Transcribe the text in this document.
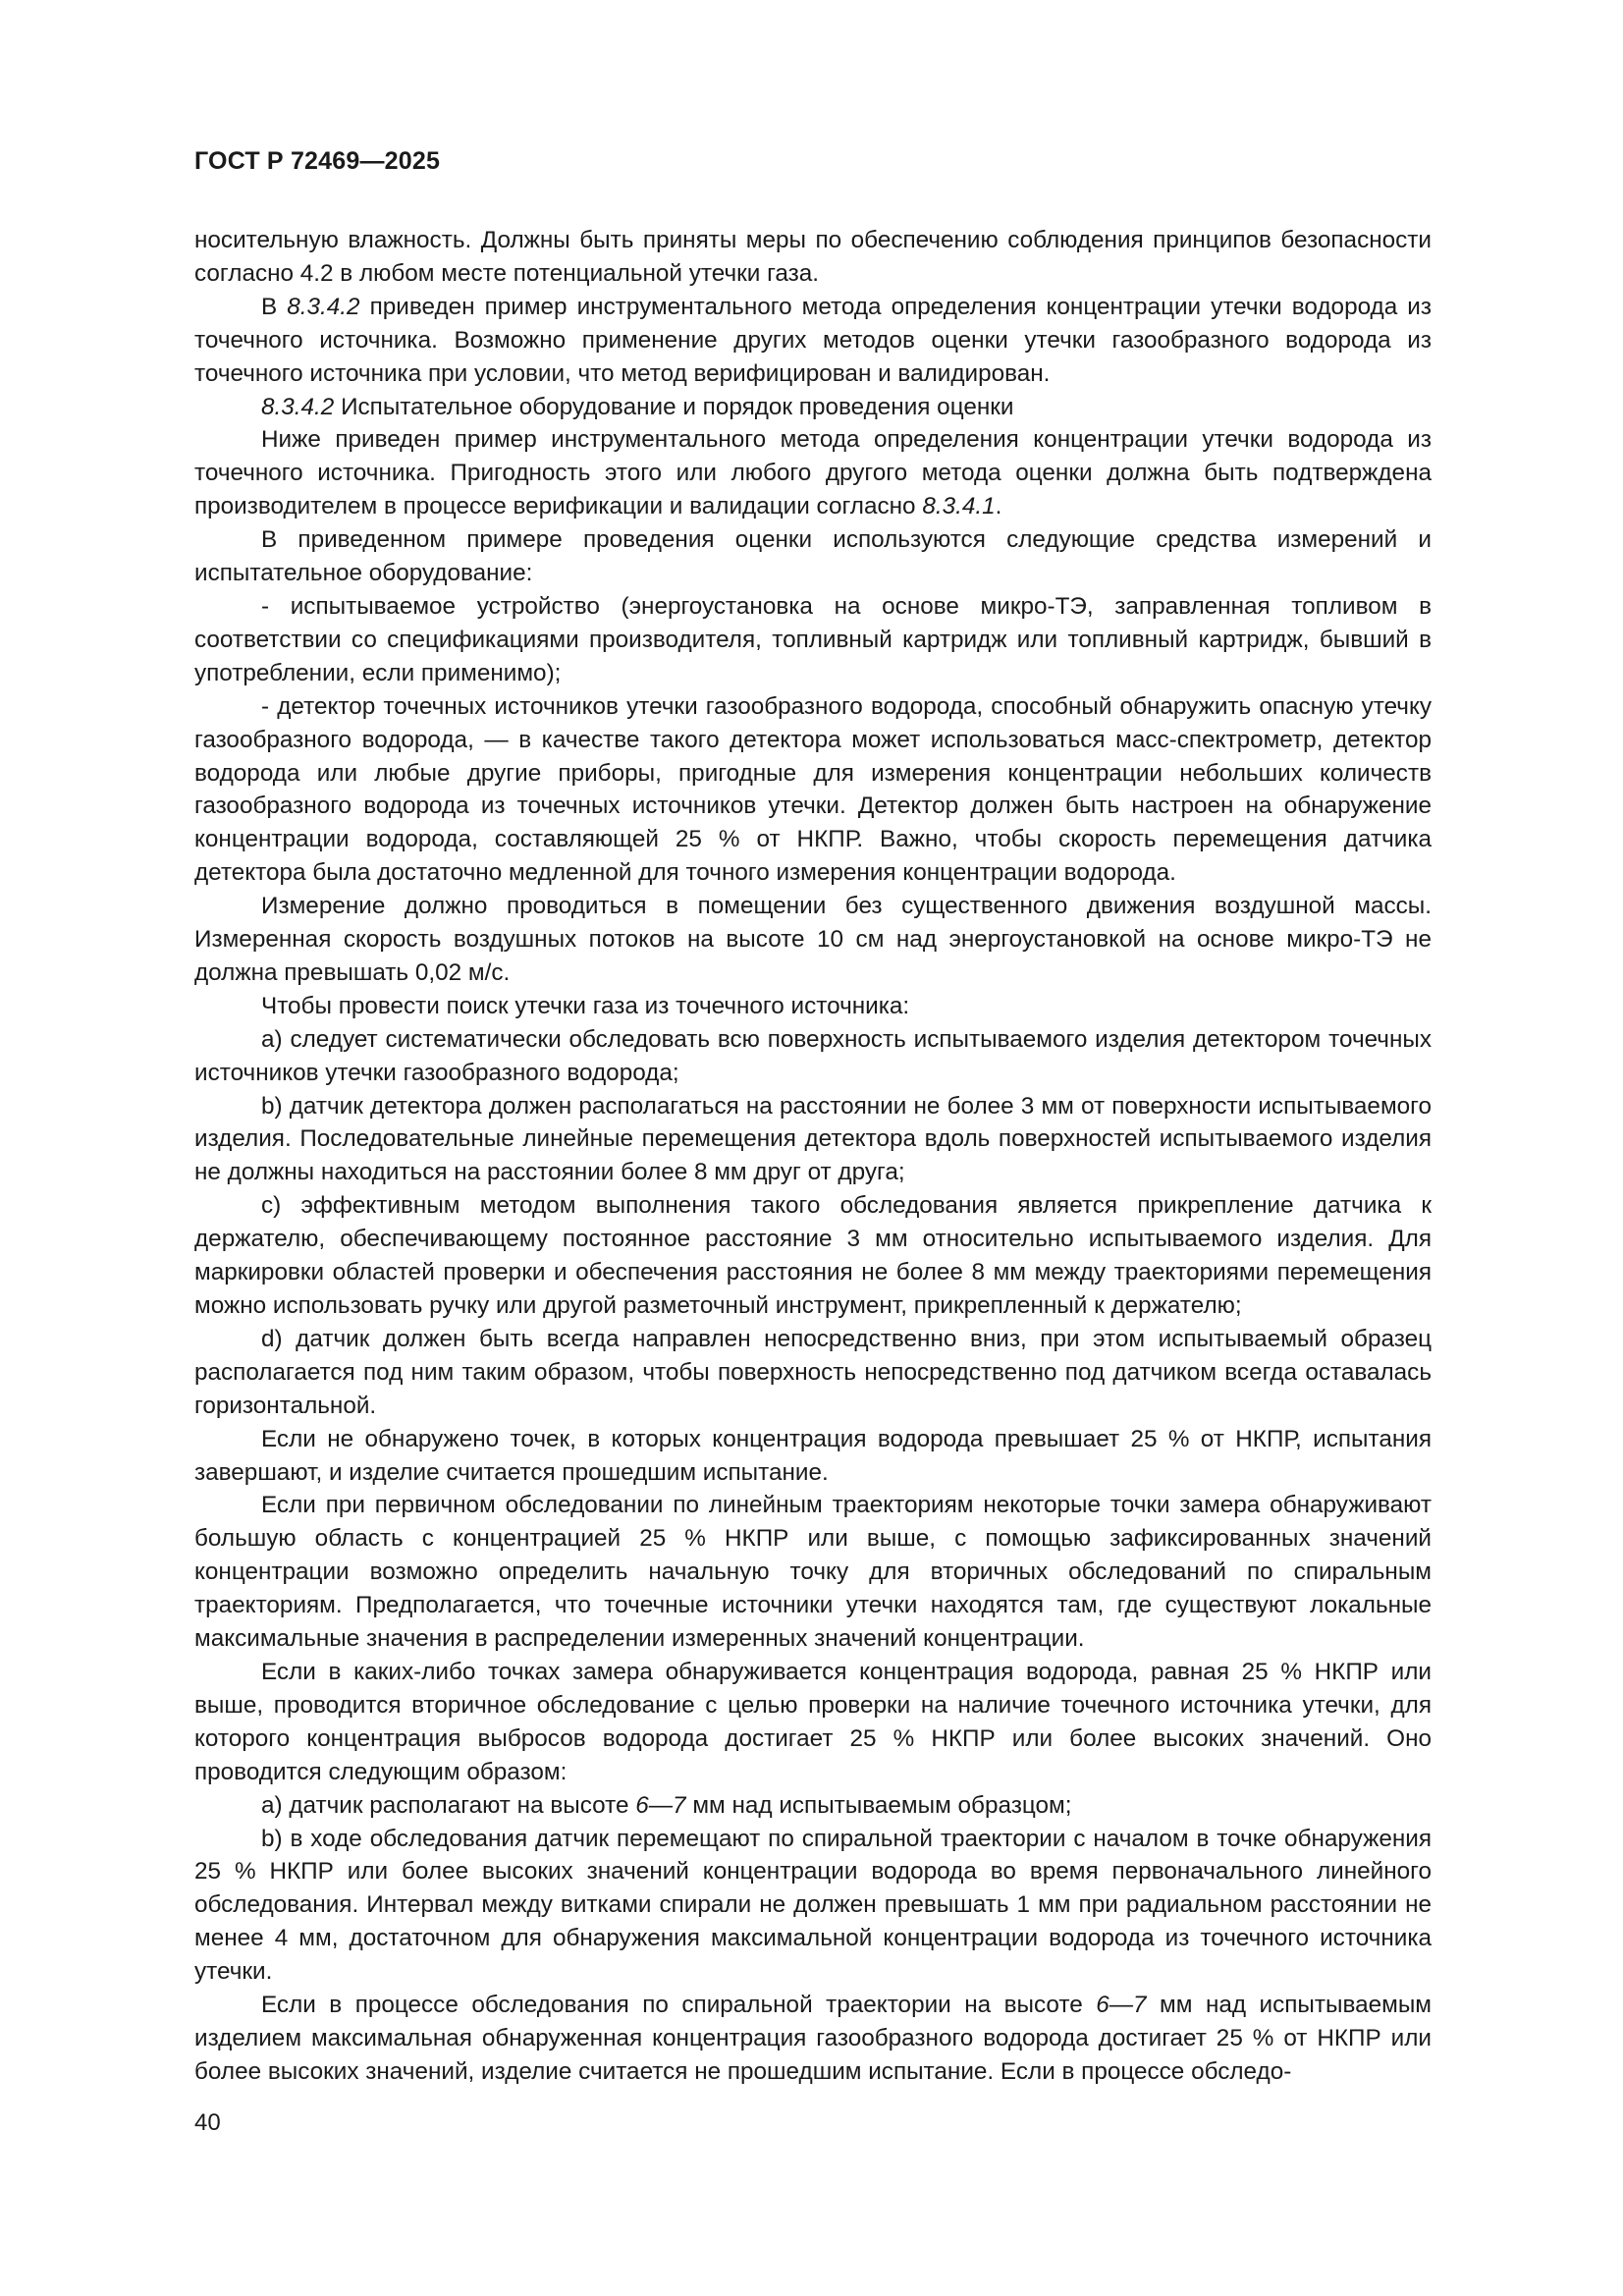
ГОСТ Р 72469—2025

носительную влажность. Должны быть приняты меры по обеспечению соблюдения принципов безопасности согласно 4.2 в любом месте потенциальной утечки газа.

В 8.3.4.2 приведен пример инструментального метода определения концентрации утечки водорода из точечного источника. Возможно применение других методов оценки утечки газообразного водорода из точечного источника при условии, что метод верифицирован и валидирован.

8.3.4.2 Испытательное оборудование и порядок проведения оценки

Ниже приведен пример инструментального метода определения концентрации утечки водорода из точечного источника. Пригодность этого или любого другого метода оценки должна быть подтверждена производителем в процессе верификации и валидации согласно 8.3.4.1.

В приведенном примере проведения оценки используются следующие средства измерений и испытательное оборудование:

- испытываемое устройство (энергоустановка на основе микро-ТЭ, заправленная топливом в соответствии со спецификациями производителя, топливный картридж или топливный картридж, бывший в употреблении, если применимо);

- детектор точечных источников утечки газообразного водорода, способный обнаружить опасную утечку газообразного водорода, — в качестве такого детектора может использоваться масс-спектрометр, детектор водорода или любые другие приборы, пригодные для измерения концентрации небольших количеств газообразного водорода из точечных источников утечки. Детектор должен быть настроен на обнаружение концентрации водорода, составляющей 25 % от НКПР. Важно, чтобы скорость перемещения датчика детектора была достаточно медленной для точного измерения концентрации водорода.

Измерение должно проводиться в помещении без существенного движения воздушной массы. Измеренная скорость воздушных потоков на высоте 10 см над энергоустановкой на основе микро-ТЭ не должна превышать 0,02 м/с.

Чтобы провести поиск утечки газа из точечного источника:

а) следует систематически обследовать всю поверхность испытываемого изделия детектором точечных источников утечки газообразного водорода;

b) датчик детектора должен располагаться на расстоянии не более 3 мм от поверхности испытываемого изделия. Последовательные линейные перемещения детектора вдоль поверхностей испытываемого изделия не должны находиться на расстоянии более 8 мм друг от друга;

c) эффективным методом выполнения такого обследования является прикрепление датчика к держателю, обеспечивающему постоянное расстояние 3 мм относительно испытываемого изделия. Для маркировки областей проверки и обеспечения расстояния не более 8 мм между траекториями перемещения можно использовать ручку или другой разметочный инструмент, прикрепленный к держателю;

d) датчик должен быть всегда направлен непосредственно вниз, при этом испытываемый образец располагается под ним таким образом, чтобы поверхность непосредственно под датчиком всегда оставалась горизонтальной.

Если не обнаружено точек, в которых концентрация водорода превышает 25 % от НКПР, испытания завершают, и изделие считается прошедшим испытание.

Если при первичном обследовании по линейным траекториям некоторые точки замера обнаруживают большую область с концентрацией 25 % НКПР или выше, с помощью зафиксированных значений концентрации возможно определить начальную точку для вторичных обследований по спиральным траекториям. Предполагается, что точечные источники утечки находятся там, где существуют локальные максимальные значения в распределении измеренных значений концентрации.

Если в каких-либо точках замера обнаруживается концентрация водорода, равная 25 % НКПР или выше, проводится вторичное обследование с целью проверки на наличие точечного источника утечки, для которого концентрация выбросов водорода достигает 25 % НКПР или более высоких значений. Оно проводится следующим образом:

а) датчик располагают на высоте 6—7 мм над испытываемым образцом;

b) в ходе обследования датчик перемещают по спиральной траектории с началом в точке обнаружения 25 % НКПР или более высоких значений концентрации водорода во время первоначального линейного обследования. Интервал между витками спирали не должен превышать 1 мм при радиальном расстоянии не менее 4 мм, достаточном для обнаружения максимальной концентрации водорода из точечного источника утечки.

Если в процессе обследования по спиральной траектории на высоте 6—7 мм над испытываемым изделием максимальная обнаруженная концентрация газообразного водорода достигает 25 % от НКПР или более высоких значений, изделие считается не прошедшим испытание. Если в процессе обследо-

40
